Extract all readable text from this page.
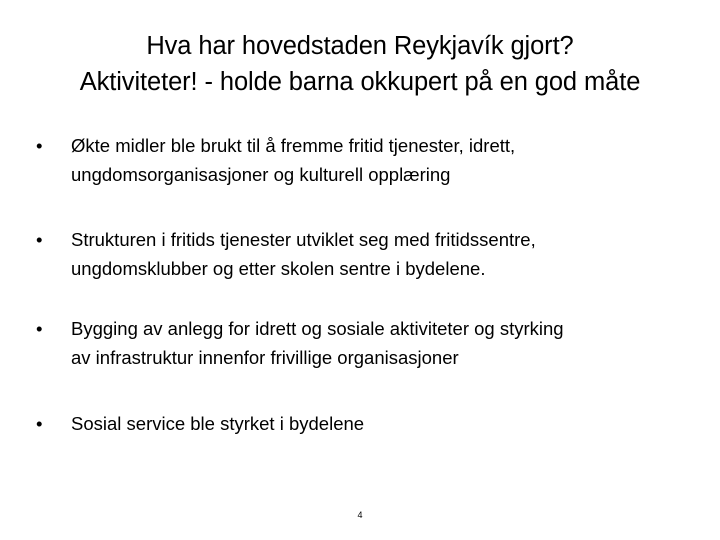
Hva har hovedstaden Reykjavík gjort?
Aktiviteter! - holde barna okkupert på en god måte
• Økte midler ble brukt til å fremme fritid tjenester, idrett,
ungdomsorganisasjoner og kulturell opplæring
• Strukturen i fritids tjenester utviklet seg med fritidssentre,
ungdomsklubber og etter skolen sentre i bydelene.
• Bygging av anlegg for idrett og sosiale aktiviteter og styrking
av infrastruktur innenfor frivillige organisasjoner
• Sosial service ble styrket i bydelene
4
